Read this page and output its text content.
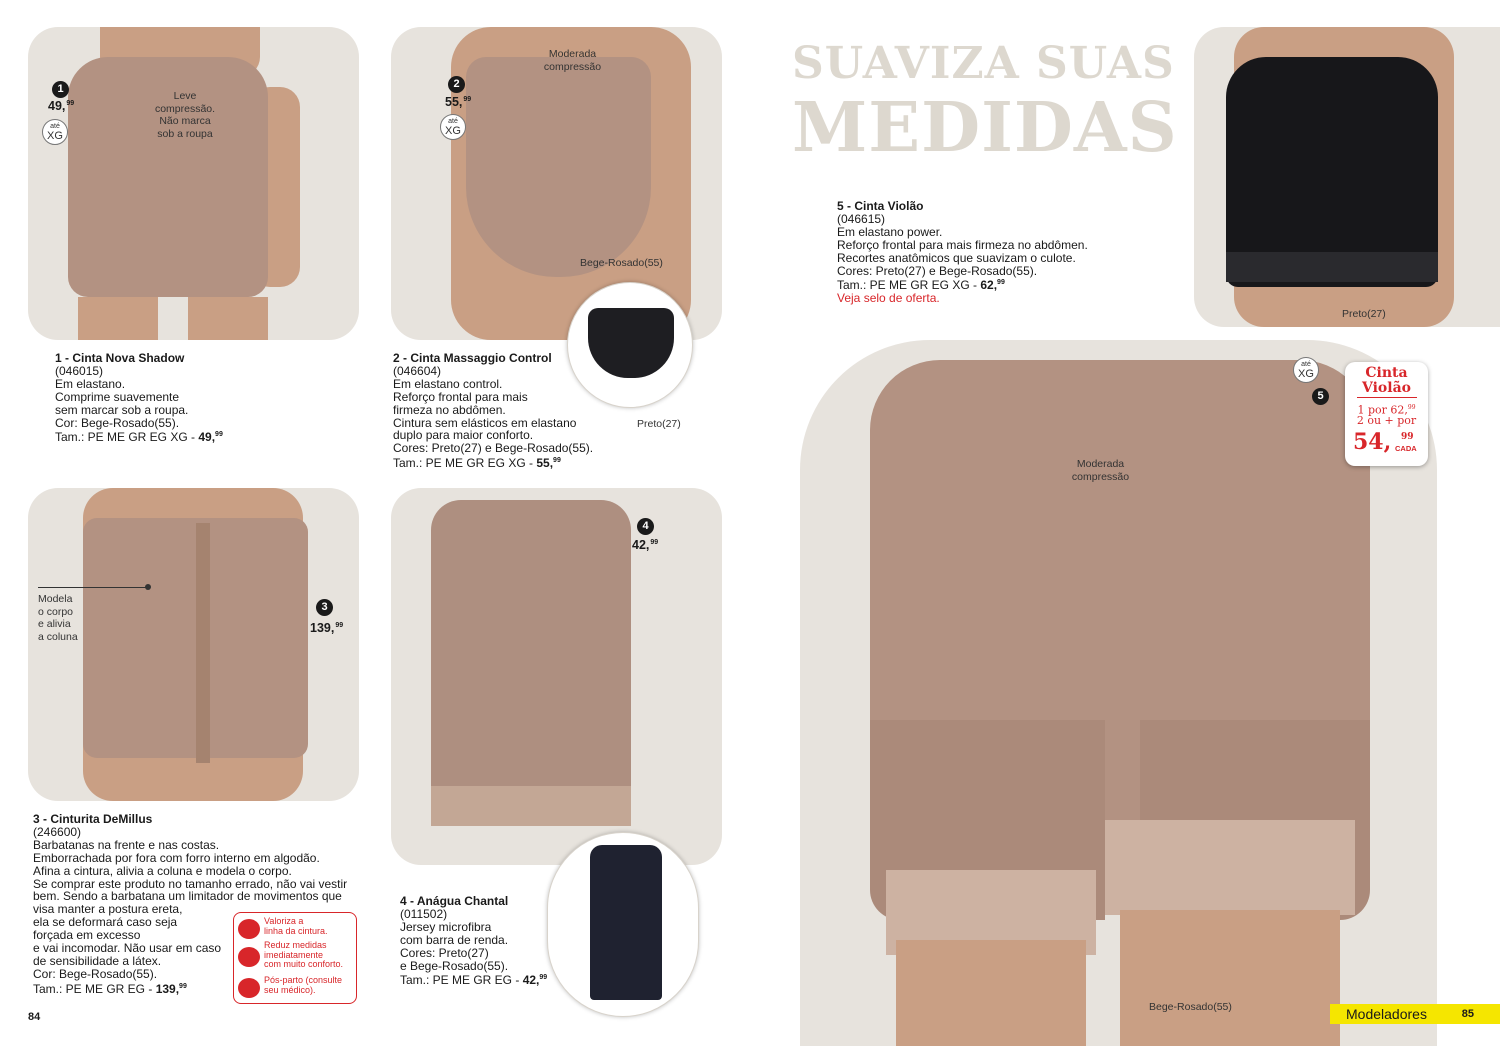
1
49,99
até
XG
Leve
compressão.
Não marca
sob a roupa
Moderada
compressão
2
55,99
até
XG
Bege-Rosado(55)
Preto(27)
1 - Cinta Nova Shadow
(046015)
Em elastano.
Comprime suavemente
sem marcar sob a roupa.
Cor: Bege-Rosado(55).
Tam.: PE ME GR EG XG - 49,99
2 - Cinta Massaggio Control
(046604)
Em elastano control.
Reforço frontal para mais
firmeza no abdômen.
Cintura sem elásticos em elastano
duplo para maior conforto.
Cores: Preto(27) e Bege-Rosado(55).
Tam.: PE ME GR EG XG - 55,99
Modela
o corpo
e alivia
a coluna
3
139,99
4
42,99
3 - Cinturita DeMillus
(246600)
Barbatanas na frente e nas costas.
Emborrachada por fora com forro interno em algodão.
Afina a cintura, alivia a coluna e modela o corpo.
Se comprar este produto no tamanho errado, não vai vestir
bem. Sendo a barbatana um limitador de movimentos que
visa manter a postura ereta,
ela se deformará caso seja
forçada em excesso
e vai incomodar. Não usar em caso
de sensibilidade a látex.
Cor: Bege-Rosado(55).
Tam.: PE ME GR EG - 139,99
Valoriza a
linha da cintura.
Reduz medidas
imediatamente
com muito conforto.
Pós-parto (consulte
seu médico).
4 - Anágua Chantal
(011502)
Jersey microfibra
com barra de renda.
Cores: Preto(27)
e Bege-Rosado(55).
Tam.: PE ME GR EG - 42,99
84
SUAVIZA SUAS
MEDIDAS
Preto(27)
5 - Cinta Violão
(046615)
Em elastano power.
Reforço frontal para mais firmeza no abdômen.
Recortes anatômicos que suavizam o culote.
Cores: Preto(27) e Bege-Rosado(55).
Tam.: PE ME GR EG XG - 62,99
Veja selo de oferta.
Moderada
compressão
Bege-Rosado(55)
até
XG
5
Cinta
Violão
1 por 62,99
2 ou + por
54, 99
CADA
Modeladores	85
